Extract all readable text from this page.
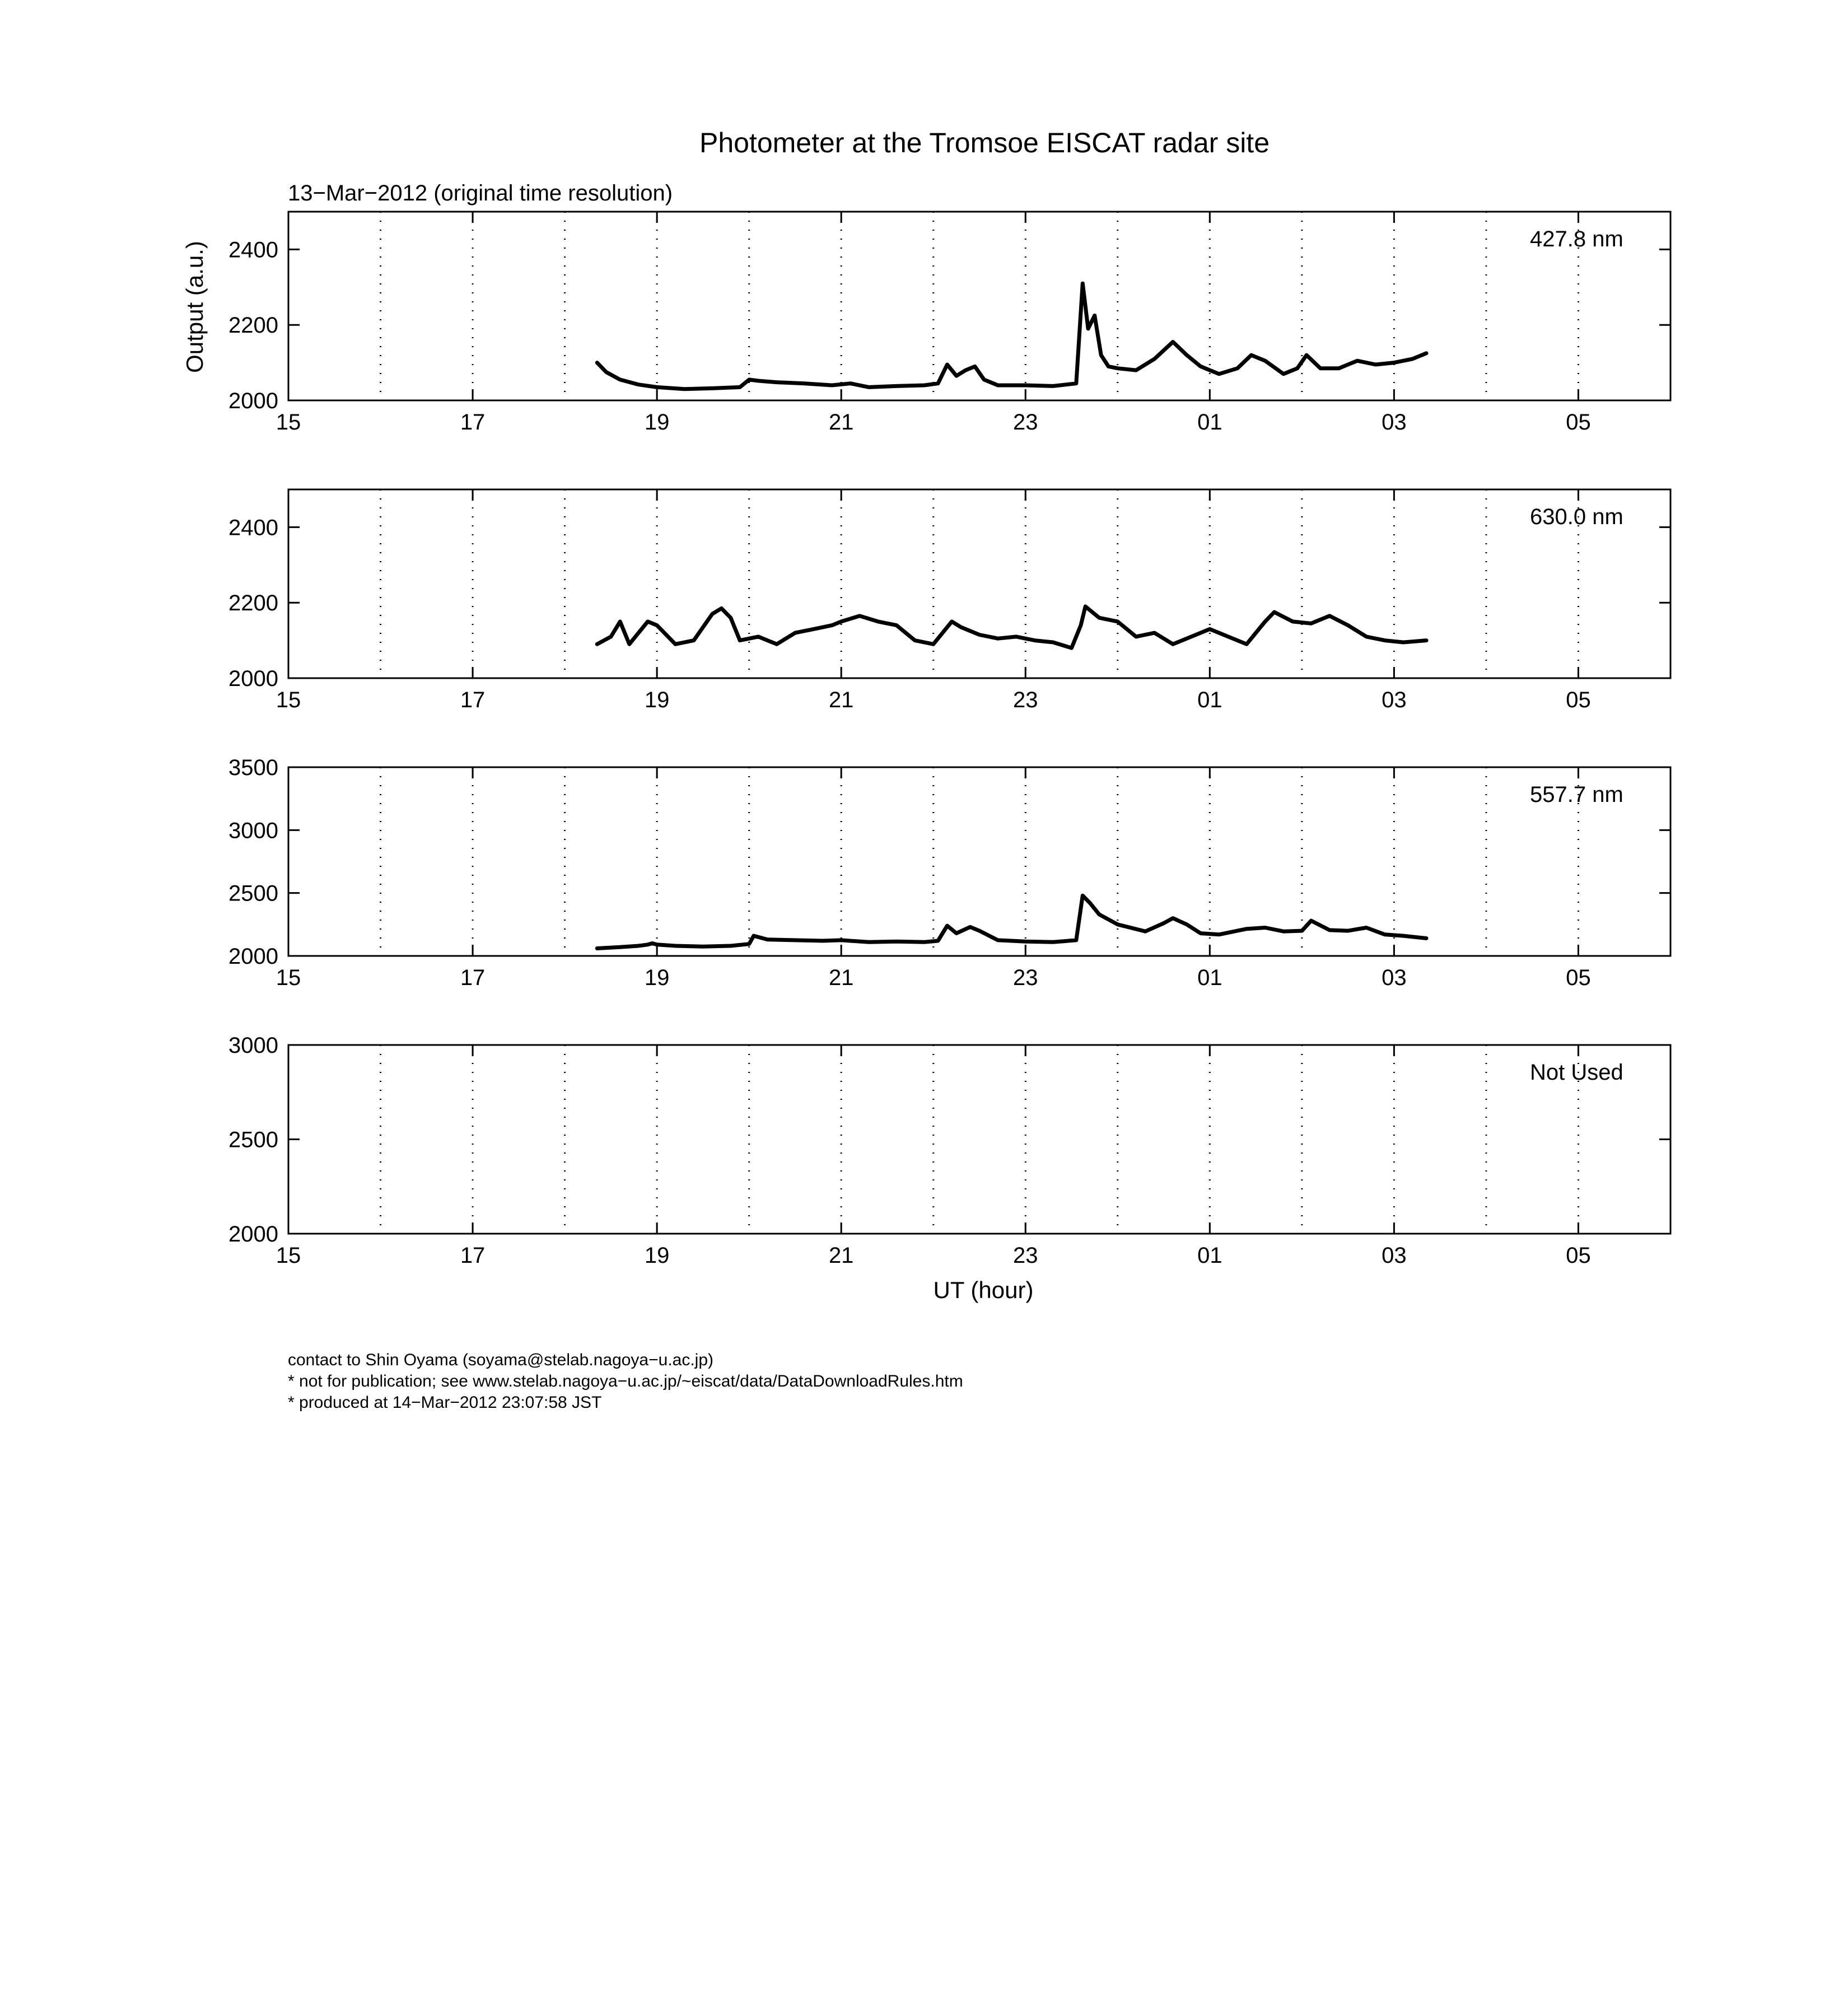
Photometer at the Tromsoe EISCAT radar site
13−Mar−2012 (original time resolution)
Output (a.u.)
UT (hour)
15	17	19	21	23	01	03	05
2000
2200
2400	427.8 nm
15	17	19	21	23	01	03	05
2000
2200
2400	630.0 nm
15	17	19	21	23	01	03	05
2000
2500
3000
3500
557.7 nm
15	17	19	21	23	01	03	05
2000
2500
3000
Not Used
contact to Shin Oyama (soyama@stelab.nagoya−u.ac.jp)
* not for publication; see www.stelab.nagoya−u.ac.jp/~eiscat/data/DataDownloadRules.htm
* produced at 14−Mar−2012 23:07:58 JST
